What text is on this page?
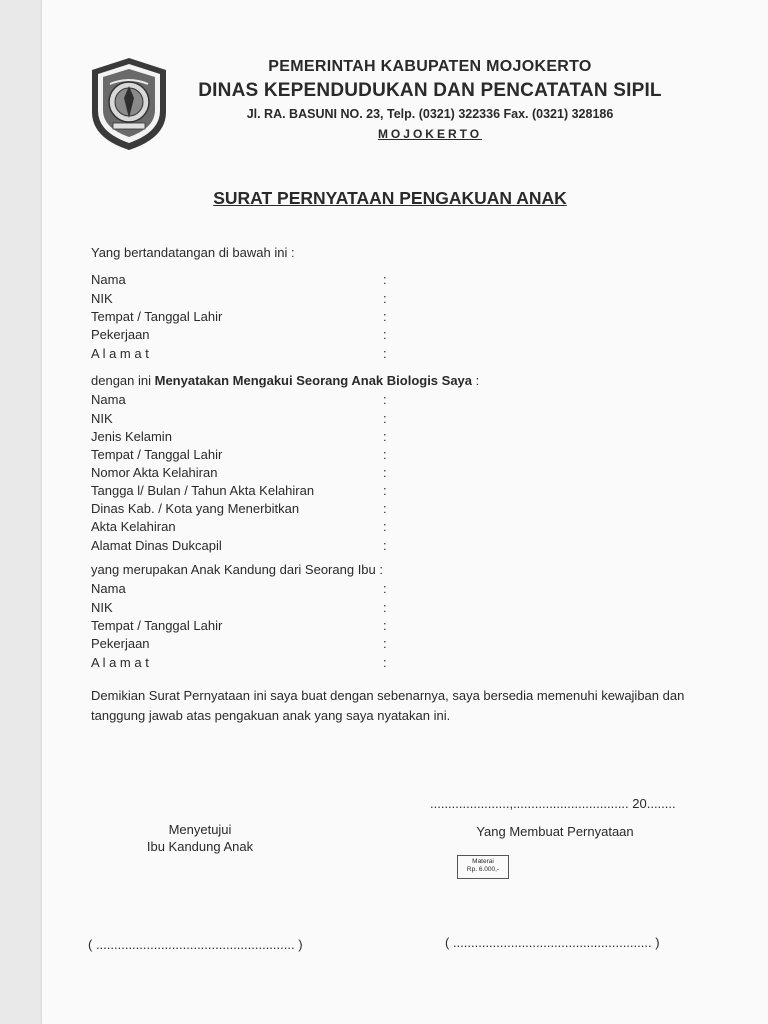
PEMERINTAH KABUPATEN MOJOKERTO
DINAS KEPENDUDUKAN DAN PENCATATAN SIPIL
Jl. RA. BASUNI NO. 23, Telp. (0321) 322336 Fax. (0321) 328186
MOJOKERTO
SURAT PERNYATAAN PENGAKUAN ANAK
Yang bertandatangan di bawah ini :
Nama	:
NIK	:
Tempat / Tanggal Lahir	:
Pekerjaan	:
A l a m a t	:
dengan ini Menyatakan Mengakui Seorang Anak Biologis Saya :
Nama	:
NIK	:
Jenis Kelamin	:
Tempat / Tanggal Lahir	:
Nomor Akta Kelahiran	:
Tangga l/ Bulan / Tahun Akta Kelahiran	:
Dinas Kab. / Kota yang Menerbitkan	:
Akta Kelahiran	:
Alamat Dinas Dukcapil	:
yang merupakan Anak Kandung dari Seorang Ibu :
Nama	:
NIK	:
Tempat / Tanggal Lahir	:
Pekerjaan	:
A l a m a t	:
Demikian Surat Pernyataan ini saya buat dengan sebenarnya, saya bersedia memenuhi kewajiban dan tanggung jawab atas pengakuan anak yang saya nyatakan ini.
......................,................................ 20........
Menyetujui
Ibu Kandung Anak
Yang Membuat Pernyataan
Materai
Rp. 6.000,-
( ....................................................... )	( ....................................................... )
